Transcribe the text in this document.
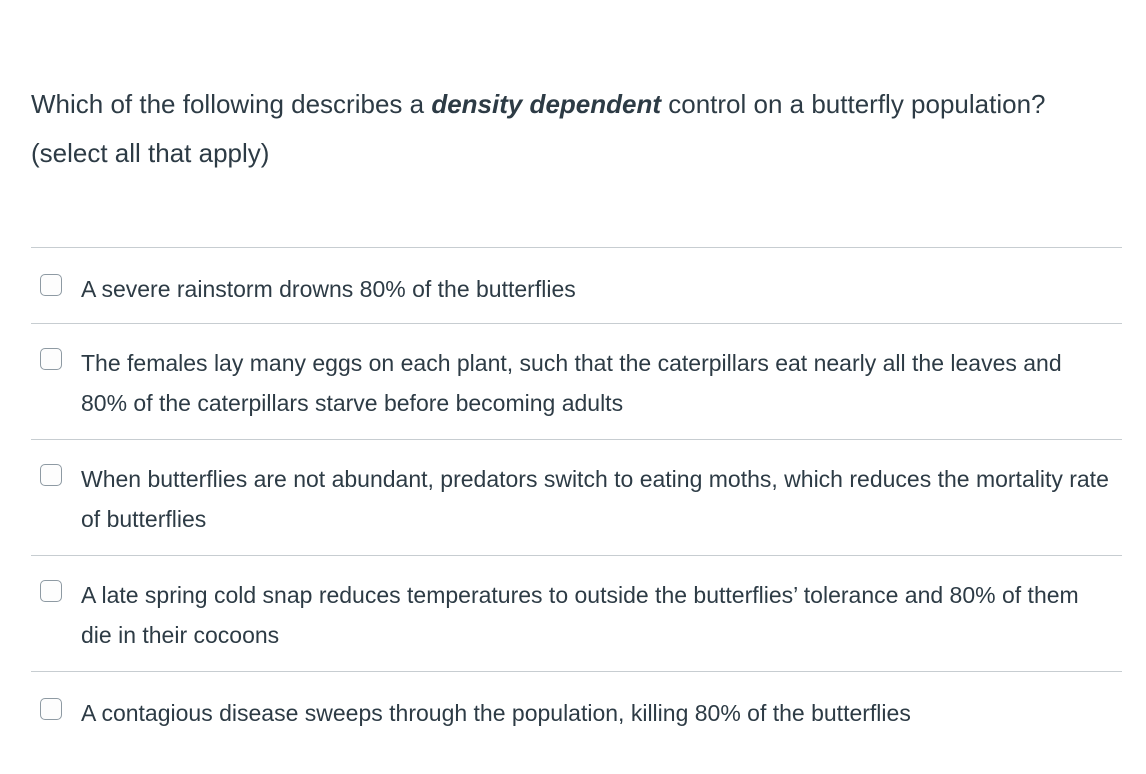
Which of the following describes a density dependent control on a butterfly population? (select all that apply)
A severe rainstorm drowns 80% of the butterflies
The females lay many eggs on each plant, such that the caterpillars eat nearly all the leaves and 80% of the caterpillars starve before becoming adults
When butterflies are not abundant, predators switch to eating moths, which reduces the mortality rate of butterflies
A late spring cold snap reduces temperatures to outside the butterflies’ tolerance and 80% of them die in their cocoons
A contagious disease sweeps through the population, killing 80% of the butterflies
